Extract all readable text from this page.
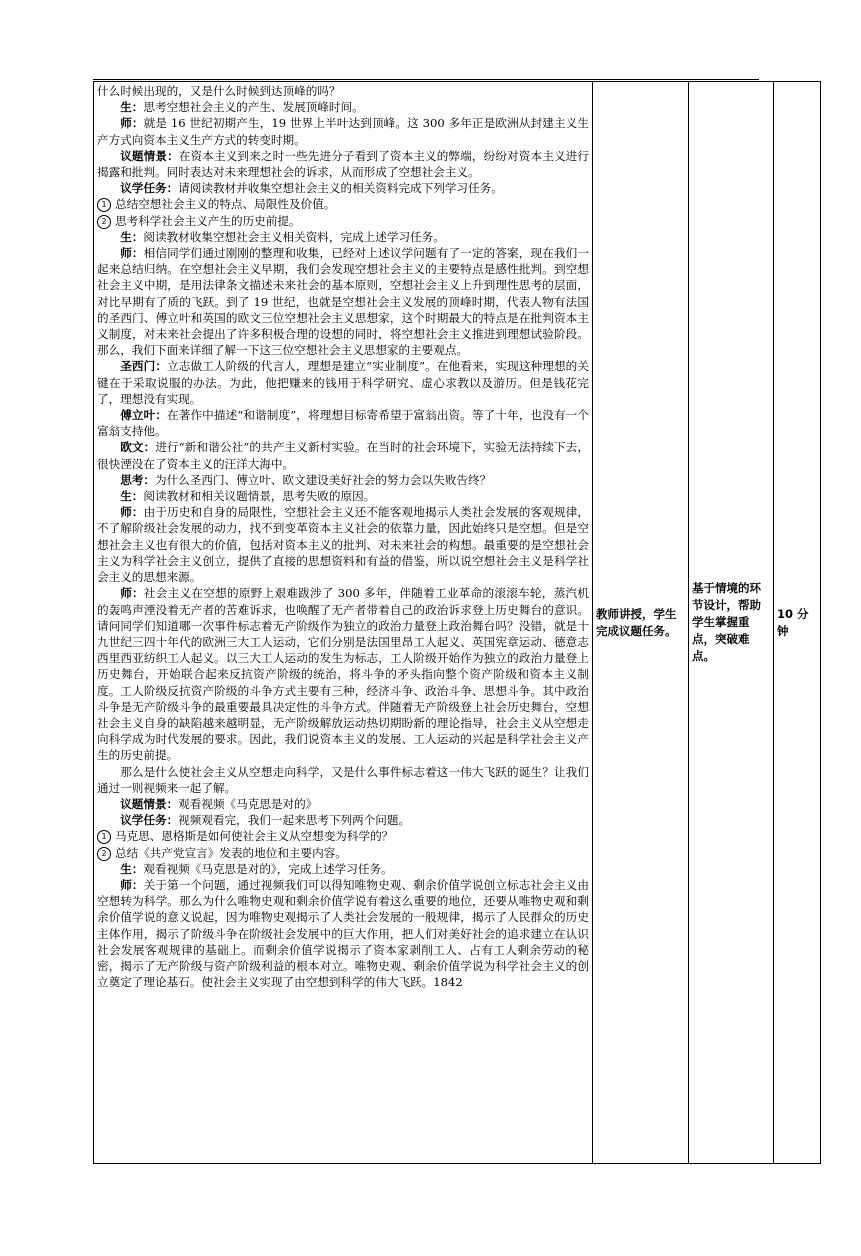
什么时候出现的，又是什么时候到达顶峰的吗？

生：思考空想社会主义的产生、发展顶峰时间。

师：就是 16 世纪初期产生，19 世界上半叶达到顶峰。这 300 多年正是欧洲从封建主义生产方式向资本主义生产方式的转变时期。

议题情景：在资本主义到来之时一些先进分子看到了资本主义的弊端，纷纷对资本主义进行揭露和批判。同时表达对未来理想社会的诉求，从而形成了空想社会主义。

议学任务：请阅读教材并收集空想社会主义的相关资料完成下列学习任务。

1 总结空想社会主义的特点、局限性及价值。

2 思考科学社会主义产生的历史前提。

生：阅读教材收集空想社会主义相关资料，完成上述学习任务。

师：相信同学们通过刚刚的整理和收集，已经对上述议学问题有了一定的答案，现在我们一起来总结归纳。在空想社会主义早期，我们会发现空想社会主义的主要特点是感性批判。到空想社会主义中期，是用法律条文描述未来社会的基本原则，空想社会主义上升到理性思考的层面，对比早期有了质的飞跃。到了 19 世纪，也就是空想社会主义发展的顶峰时期，代表人物有法国的圣西门、傅立叶和英国的欧文三位空想社会主义思想家，这个时期最大的特点是在批判资本主义制度，对未来社会提出了许多积极合理的设想的同时，将空想社会主义推进到理想试验阶段。那么，我们下面来详细了解一下这三位空想社会主义思想家的主要观点。

圣西门：立志做工人阶级的代言人，理想是建立“实业制度”。在他看来，实现这种理想的关键在于采取说服的办法。为此，他把赚来的钱用于科学研究、虚心求教以及游历。但是钱花完了，理想没有实现。

傅立叶：在著作中描述“和谐制度”，将理想目标寄希望于富翁出资。等了十年，也没有一个富翁支持他。

欧文：进行“新和谐公社”的共产主义新村实验。在当时的社会环境下，实验无法持续下去，很快湮没在了资本主义的汪洋大海中。

思考：为什么圣西门、傅立叶、欧文建设美好社会的努力会以失败告终？

生：阅读教材和相关议题情景，思考失败的原因。

师：由于历史和自身的局限性，空想社会主义还不能客观地揭示人类社会发展的客观规律，不了解阶级社会发展的动力，找不到变革资本主义社会的依靠力量，因此始终只是空想。但是空想社会主义也有很大的价值，包括对资本主义的批判、对未来社会的构想。最重要的是空想社会主义为科学社会主义创立，提供了直接的思想资料和有益的借鉴，所以说空想社会主义是科学社会主义的思想来源。

师：社会主义在空想的原野上艰难跋涉了 300 多年，伴随着工业革命的滚滚车轮，蒸汽机的轰鸣声湮没着无产者的苦难诉求，也唤醒了无产者带着自己的政治诉求登上历史舞台的意识。请问同学们知道哪一次事件标志着无产阶级作为独立的政治力量登上政治舞台吗？没错，就是十九世纪三四十年代的欧洲三大工人运动，它们分别是法国里昂工人起义、英国宪章运动、德意志西里西亚纺织工人起义。以三大工人运动的发生为标志，工人阶级开始作为独立的政治力量登上历史舞台，开始联合起来反抗资产阶级的统治，将斗争的矛头指向整个资产阶级和资本主义制度。工人阶级反抗资产阶级的斗争方式主要有三种，经济斗争、政治斗争、思想斗争。其中政治斗争是无产阶级斗争的最重要最具决定性的斗争方式。伴随着无产阶级登上社会历史舞台，空想社会主义自身的缺陷越来越明显，无产阶级解放运动热切期盼新的理论指导，社会主义从空想走向科学成为时代发展的要求。因此，我们说资本主义的发展、工人运动的兴起是科学社会主义产生的历史前提。

那么是什么使社会主义从空想走向科学，又是什么事件标志着这一伟大飞跃的诞生？让我们通过一则视频来一起了解。

议题情景：观看视频《马克思是对的》

议学任务：视频观看完，我们一起来思考下列两个问题。

1 马克思、恩格斯是如何使社会主义从空想变为科学的？

2 总结《共产党宣言》发表的地位和主要内容。

生：观看视频《马克思是对的》，完成上述学习任务。

师：关于第一个问题，通过视频我们可以得知唯物史观、剩余价值学说创立标志社会主义由空想转为科学。那么为什么唯物史观和剩余价值学说有着这么重要的地位，还要从唯物史观和剩余价值学说的意义说起，因为唯物史观揭示了人类社会发展的一般规律，揭示了人民群众的历史主体作用，揭示了阶级斗争在阶级社会发展中的巨大作用，把人们对美好社会的追求建立在认识社会发展客观规律的基础上。而剩余价值学说揭示了资本家剥削工人、占有工人剩余劳动的秘密，揭示了无产阶级与资产阶级利益的根本对立。唯物史观、剩余价值学说为科学社会主义的创立奠定了理论基石。使社会主义实现了由空想到科学的伟大飞跃。1842

	教师讲授，学生完成议题任务。	基于情境的环节设计，帮助学生掌握重点，突破难点。	10 分钟
